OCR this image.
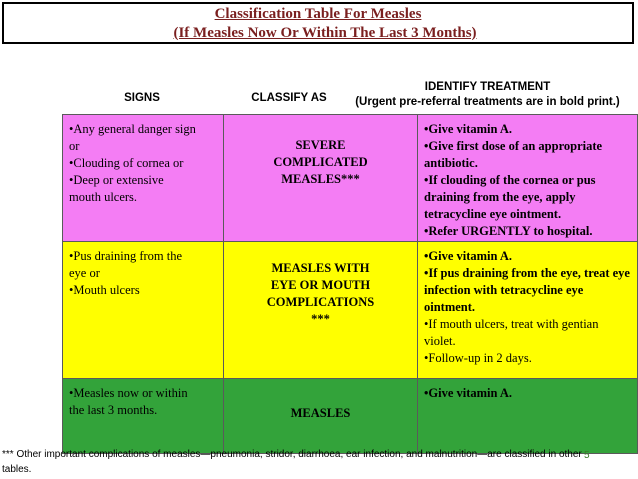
Classification Table For Measles
(If Measles Now Or Within The Last 3 Months)
SIGNS	CLASSIFY AS
IDENTIFY TREATMENT
(Urgent pre-referral treatments are in bold print.)
•Any general danger sign
or
•Clouding of cornea or
•Deep or extensive
mouth ulcers.
SEVERE
COMPLICATED
MEASLES***
•Give vitamin A.
•Give first dose of an appropriate antibiotic.
•If clouding of the cornea or pus draining from the eye, apply tetracycline eye ointment.
•Refer URGENTLY to hospital.
•Pus draining from the
eye or
•Mouth ulcers
MEASLES WITH
EYE OR MOUTH
COMPLICATIONS
***
•Give vitamin A.
•If pus draining from the eye, treat eye infection with tetracycline eye ointment.
•If mouth ulcers, treat with gentian violet.
•Follow-up in 2 days.
•Measles now or within
the last 3 months.	MEASLES
•Give vitamin A.
*** Other important complications of measles—pneumonia, stridor, diarrhoea, ear infection, and malnutrition—are classified in other tables.
5
